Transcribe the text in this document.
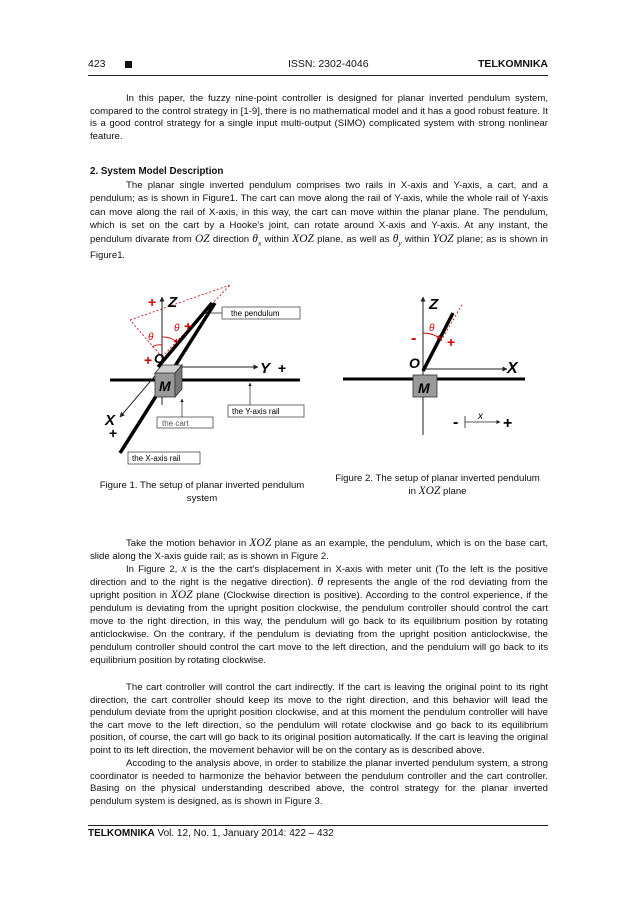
423	ISSN: 2302-4046	TELKOMNIKA

In this paper, the fuzzy nine-point controller is designed for planar inverted pendulum system, compared to the control strategy in [1-9], there is no mathematical model and it has a good robust feature. It is a good control strategy for a single input multi-output (SIMO) complicated system with strong nonlinear feature.

2. System Model Description

The planar single inverted pendulum comprises two rails in X-axis and Y-axis, a cart, and a pendulum; as is shown in Figure1. The cart can move along the rail of Y-axis, while the whole rail of Y-axis can move along the rail of X-axis, in this way, the cart can move within the planar plane. The pendulum, which is set on the cart by a Hooke's joint, can rotate around X-axis and Y-axis. At any instant, the pendulum divarate from OZ direction $\theta_x$ within XOZ plane, as well as $\theta_y$ within YOZ plane; as is shown in Figure1.

+ Z
θ
θ
+
+ O
M
Y +
X
+
the pendulum
the Y-axis rail
the cart
the X-axis rail

Figure 1. The setup of planar inverted pendulum system

Z
-
θ
+
O
M
X
- x +

Figure 2. The setup of planar inverted pendulum in XOZ plane

Take the motion behavior in XOZ plane as an example, the pendulum, which is on the base cart, slide along the X-axis guide rail; as is shown in Figure 2.

In Figure 2, x is the the cart's displacement in X-axis with meter unit (To the left is the positive direction and to the right is the negative direction). θ represents the angle of the rod deviating from the upright position in XOZ plane (Clockwise direction is positive). According to the control experience, if the pendulum is deviating from the upright position clockwise, the pendulum controller should control the cart move to the right direction, in this way, the pendulum will go back to its equilibrium position by rotating anticlockwise. On the contrary, if the pendulum is deviating from the upright position anticlockwise, the pendulum controller should control the cart move to the left direction, and the pendulum will go back to its equilibrium position by rotating clockwise.

The cart controller will control the cart indirectly. If the cart is leaving the original point to its right direction, the cart controller should keep its move to the right direction, and this behavior will lead the pendulum deviate from the upright position clockwise, and at this moment the pendulum controller will have the cart move to the left direction, so the pendulum will rotate clockwise and go back to its equilibrium position, of course, the cart will go back to its original position automatically. If the cart is leaving the original point to its left direction, the movement behavior will be on the contary as is described above.

Accoding to the analysis above, in order to stabilize the planar inverted pendulum system, a strong coordinator is needed to harmonize the behavior between the pendulum controller and the cart controller. Basing on the physical understanding described above, the control strategy for the planar inverted pendulum system is designed, as is shown in Figure 3.

TELKOMNIKA Vol. 12, No. 1, January 2014: 422 – 432
